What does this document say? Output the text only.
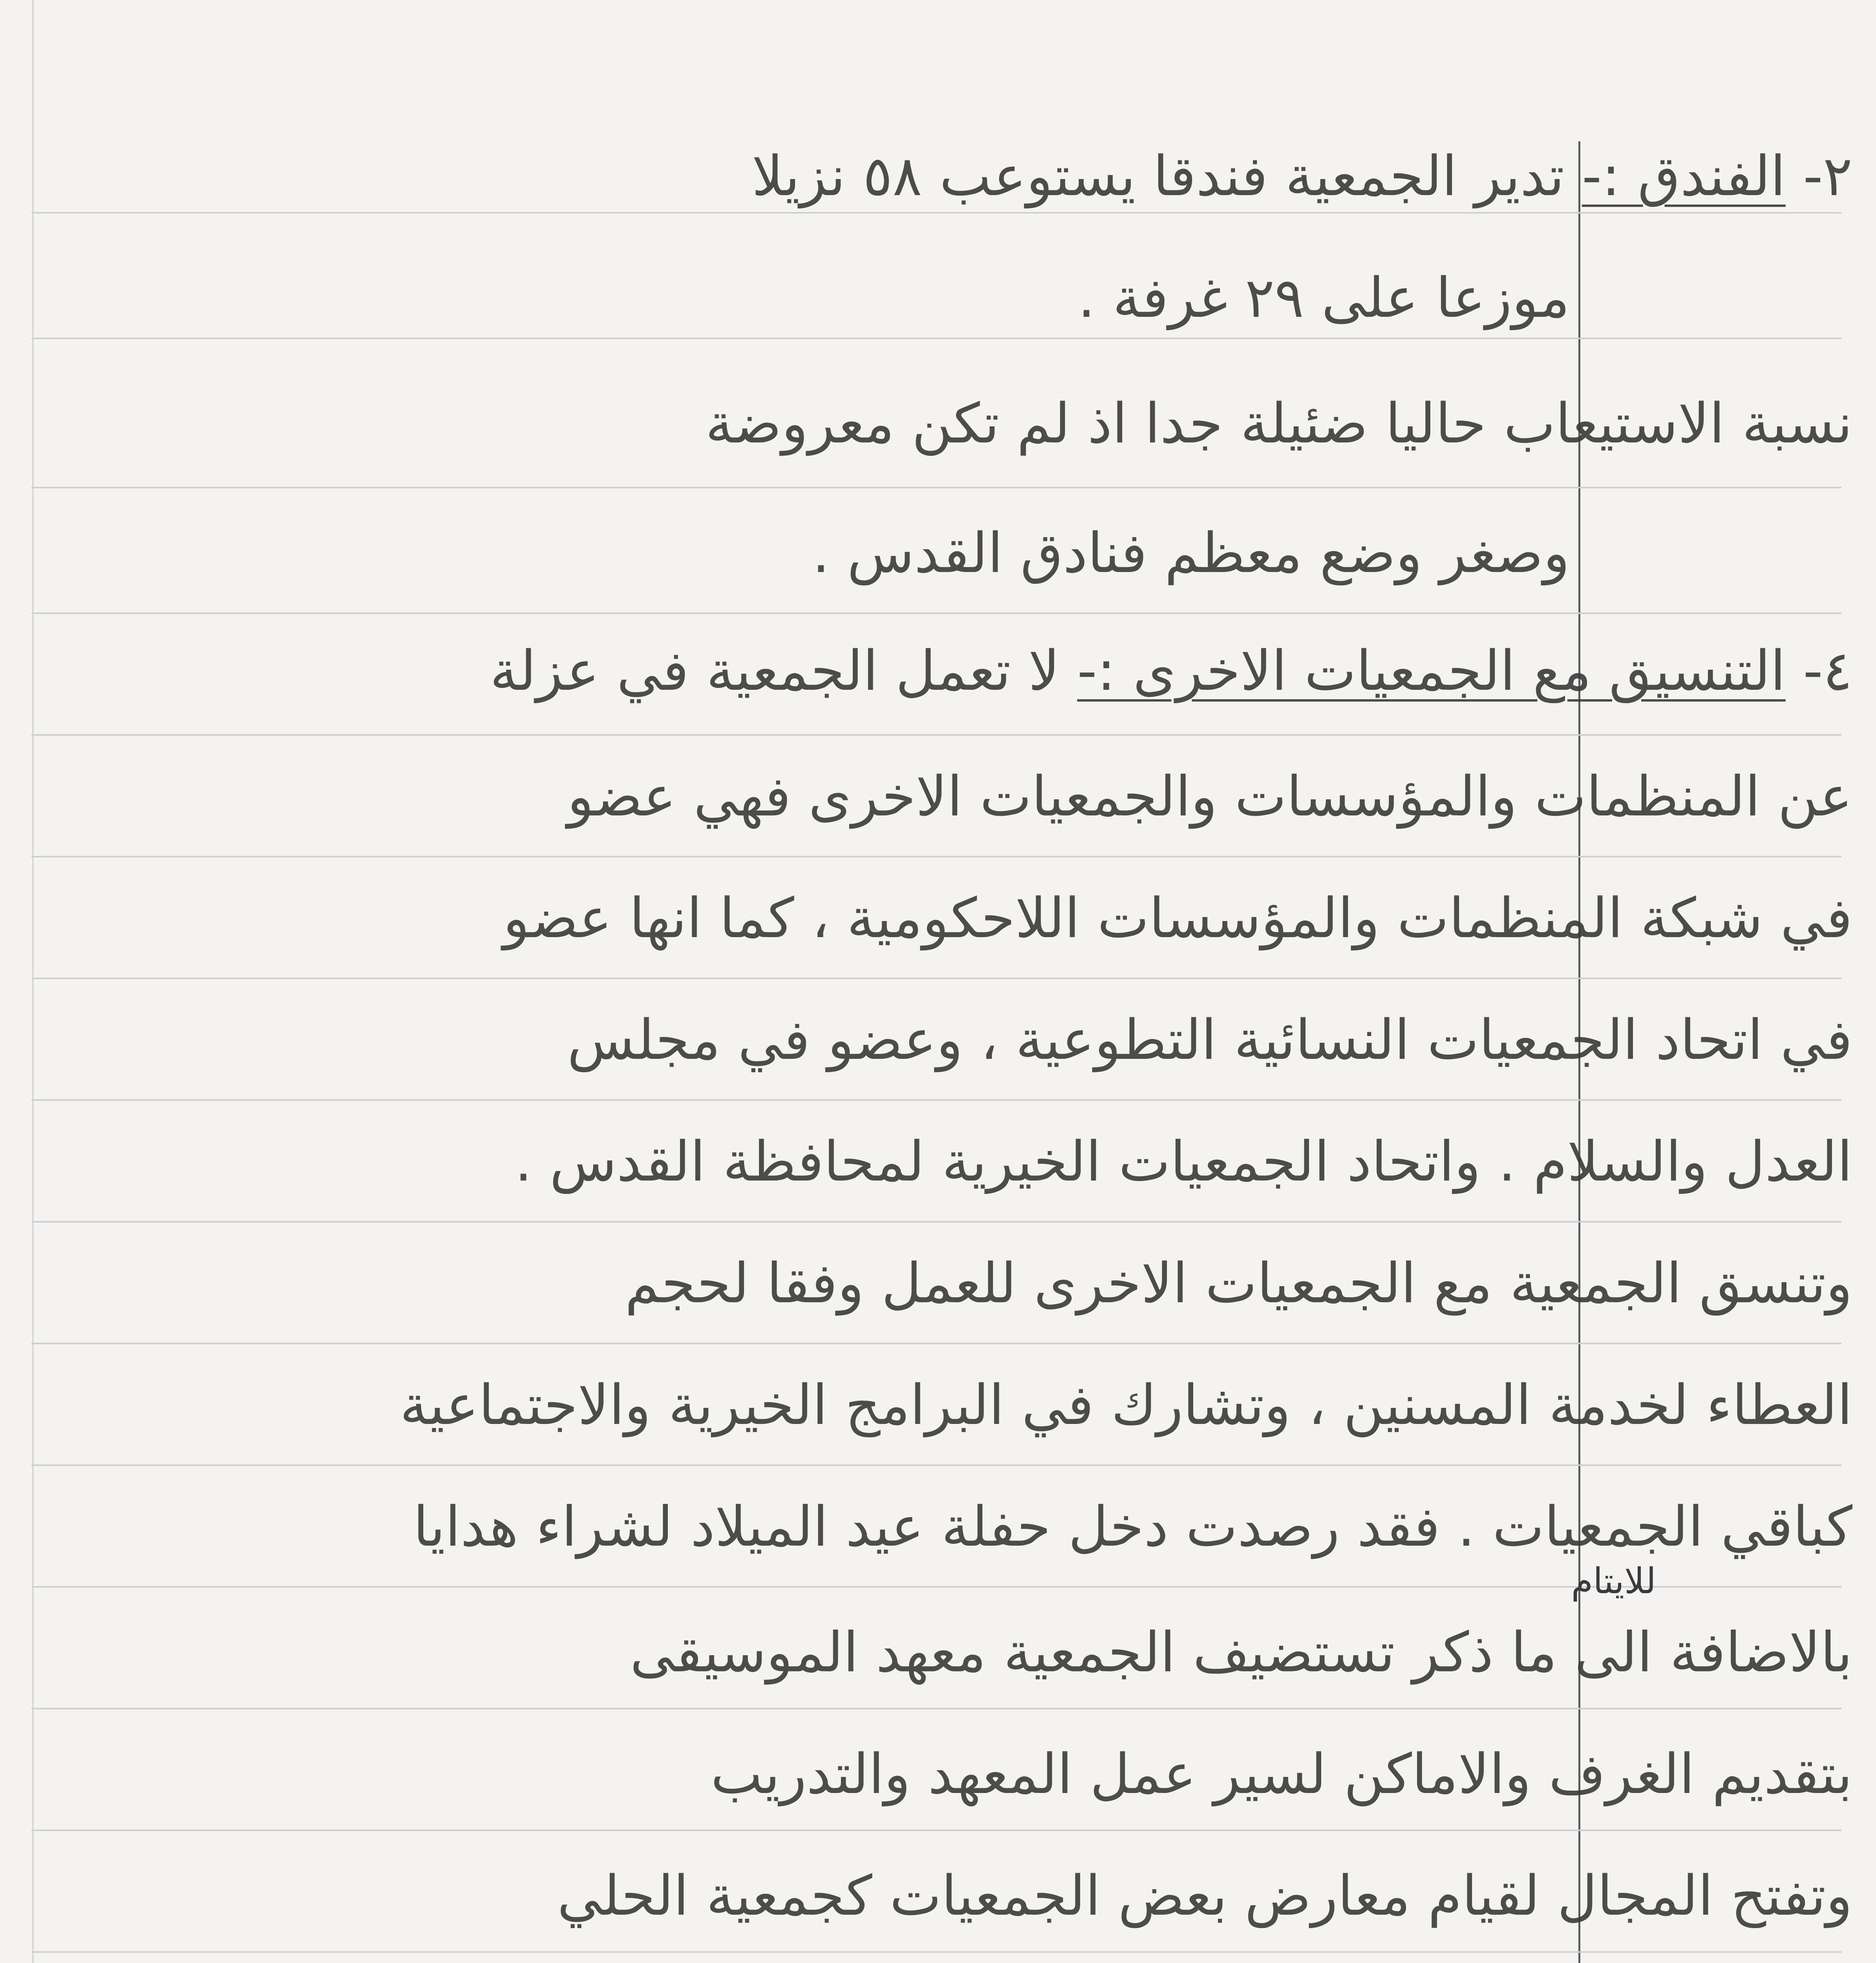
٢- الفندق :- تدير الجمعية فندقا يستوعب ٥٨ نزيلا
موزعا على ٢٩ غرفة .
نسبة الاستيعاب حاليا ضئيلة جدا اذ لم تكن معروضة
وصغر وضع معظم فنادق القدس .
٤- التنسيق مع الجمعيات الاخرى :- لا تعمل الجمعية في عزلة
عن المنظمات والمؤسسات والجمعيات الاخرى فهي عضو
في شبكة المنظمات والمؤسسات اللاحكومية ، كما انها عضو
في اتحاد الجمعيات النسائية التطوعية ، وعضو في مجلس
العدل والسلام . واتحاد الجمعيات الخيرية لمحافظة القدس .
وتنسق الجمعية مع الجمعيات الاخرى للعمل وفقا لحجم
العطاء لخدمة المسنين ، وتشارك في البرامج الخيرية والاجتماعية
كباقي الجمعيات . فقد رصدت دخل حفلة عيد الميلاد لشراء هدايا
للايتام
بالاضافة الى ما ذكر تستضيف الجمعية معهد الموسيقى
بتقديم الغرف والاماكن لسير عمل المعهد والتدريب
وتفتح المجال لقيام معارض بعض الجمعيات كجمعية الحلي
